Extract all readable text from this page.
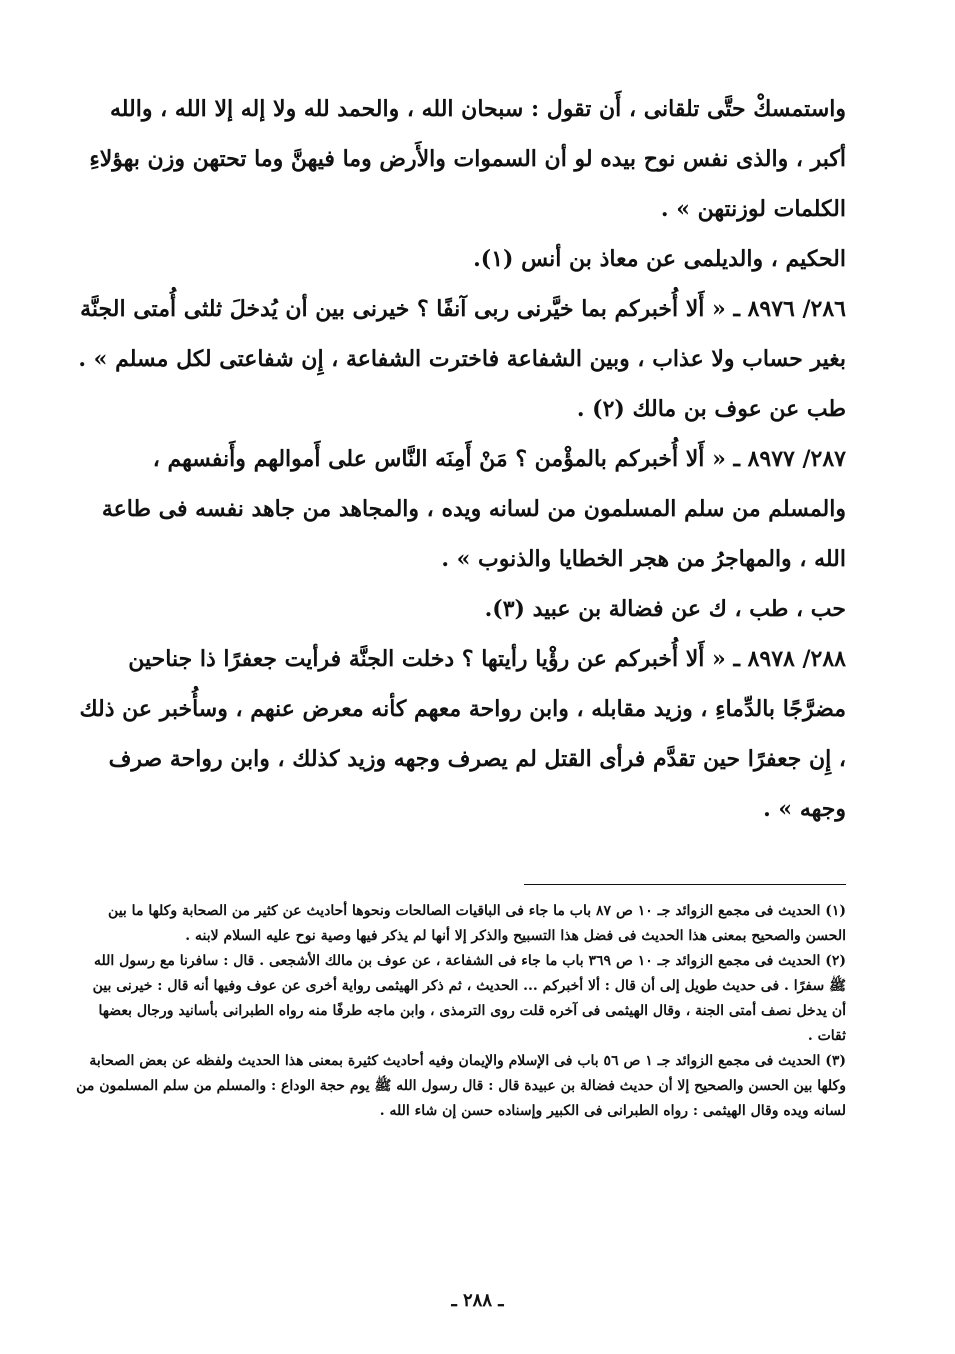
واستمسكْ حتَّى تلقانى ، أَن تقول : سبحان الله ، والحمد لله ولا إله إلا الله ، والله أكبر ، والذى نفس نوح بيده لو أن السموات والأَرض وما فيهنَّ وما تحتهن وزن بهؤلاءِ الكلمات لوزنتهن » .

الحكيم ، والديلمى عن معاذ بن أنس (١).

٢٨٦/ ٨٩٧٦ ـ « أَلا أُخبركم بما خيَّرنى ربى آنفًا ؟ خيرنى بين أن يُدخلَ ثلثى أُمتى الجنَّة بغير حساب ولا عذاب ، وبين الشفاعة فاخترت الشفاعة ، إِن شفاعتى لكل مسلم » .

طب عن عوف بن مالك (٢) .

٢٨٧/ ٨٩٧٧ ـ « أَلا أُخبركم بالمؤْمن ؟ مَنْ أَمِنَه النَّاس على أَموالهم وأَنفسهم ، والمسلم من سلم المسلمون من لسانه ويده ، والمجاهد من جاهد نفسه فى طاعة الله ، والمهاجرُ من هجر الخطايا والذنوب » .

حب ، طب ، ك عن فضالة بن عبيد (٣).

٢٨٨/ ٨٩٧٨ ـ « أَلا أُخبركم عن رؤْيا رأيتها ؟ دخلت الجنَّة فرأيت جعفرًا ذا جناحين مضرَّجًا بالدِّماءِ ، وزيد مقابله ، وابن رواحة معهم كأنه معرض عنهم ، وسأُخبر عن ذلك ، إِن جعفرًا حين تقدَّم فرأى القتل لم يصرف وجهه وزيد كذلك ، وابن رواحة صرف وجهه » .

(١) الحديث فى مجمع الزوائد جـ ١٠ ص ٨٧ باب ما جاء فى الباقيات الصالحات ونحوها أحاديث عن كثير من الصحابة وكلها ما بين الحسن والصحيح بمعنى هذا الحديث فى فضل هذا التسبيح والذكر إلا أنها لم يذكر فيها وصية نوح عليه السلام لابنه .

(٢) الحديث فى مجمع الزوائد جـ ١٠ ص ٣٦٩ باب ما جاء فى الشفاعة ، عن عوف بن مالك الأشجعى . قال : سافرنا مع رسول الله ﷺ سفرًا . فى حديث طويل إلى أن قال : ألا أخبركم ... الحديث ، ثم ذكر الهيثمى رواية أخرى عن عوف وفيها أنه قال : خيرنى بين أن يدخل نصف أمتى الجنة ، وقال الهيثمى فى آخره قلت روى الترمذى ، وابن ماجه طرفًا منه رواه الطبرانى بأسانيد ورجال بعضها ثقات .

(٣) الحديث فى مجمع الزوائد جـ ١ ص ٥٦ باب فى الإسلام والإيمان وفيه أحاديث كثيرة بمعنى هذا الحديث ولفظه عن بعض الصحابة وكلها بين الحسن والصحيح إلا أن حديث فضالة بن عبيدة قال : قال رسول الله ﷺ يوم حجة الوداع : والمسلم من سلم المسلمون من لسانه ويده وقال الهيثمى : رواه الطبرانى فى الكبير وإسناده حسن إن شاء الله .

ـ ٢٨٨ ـ
